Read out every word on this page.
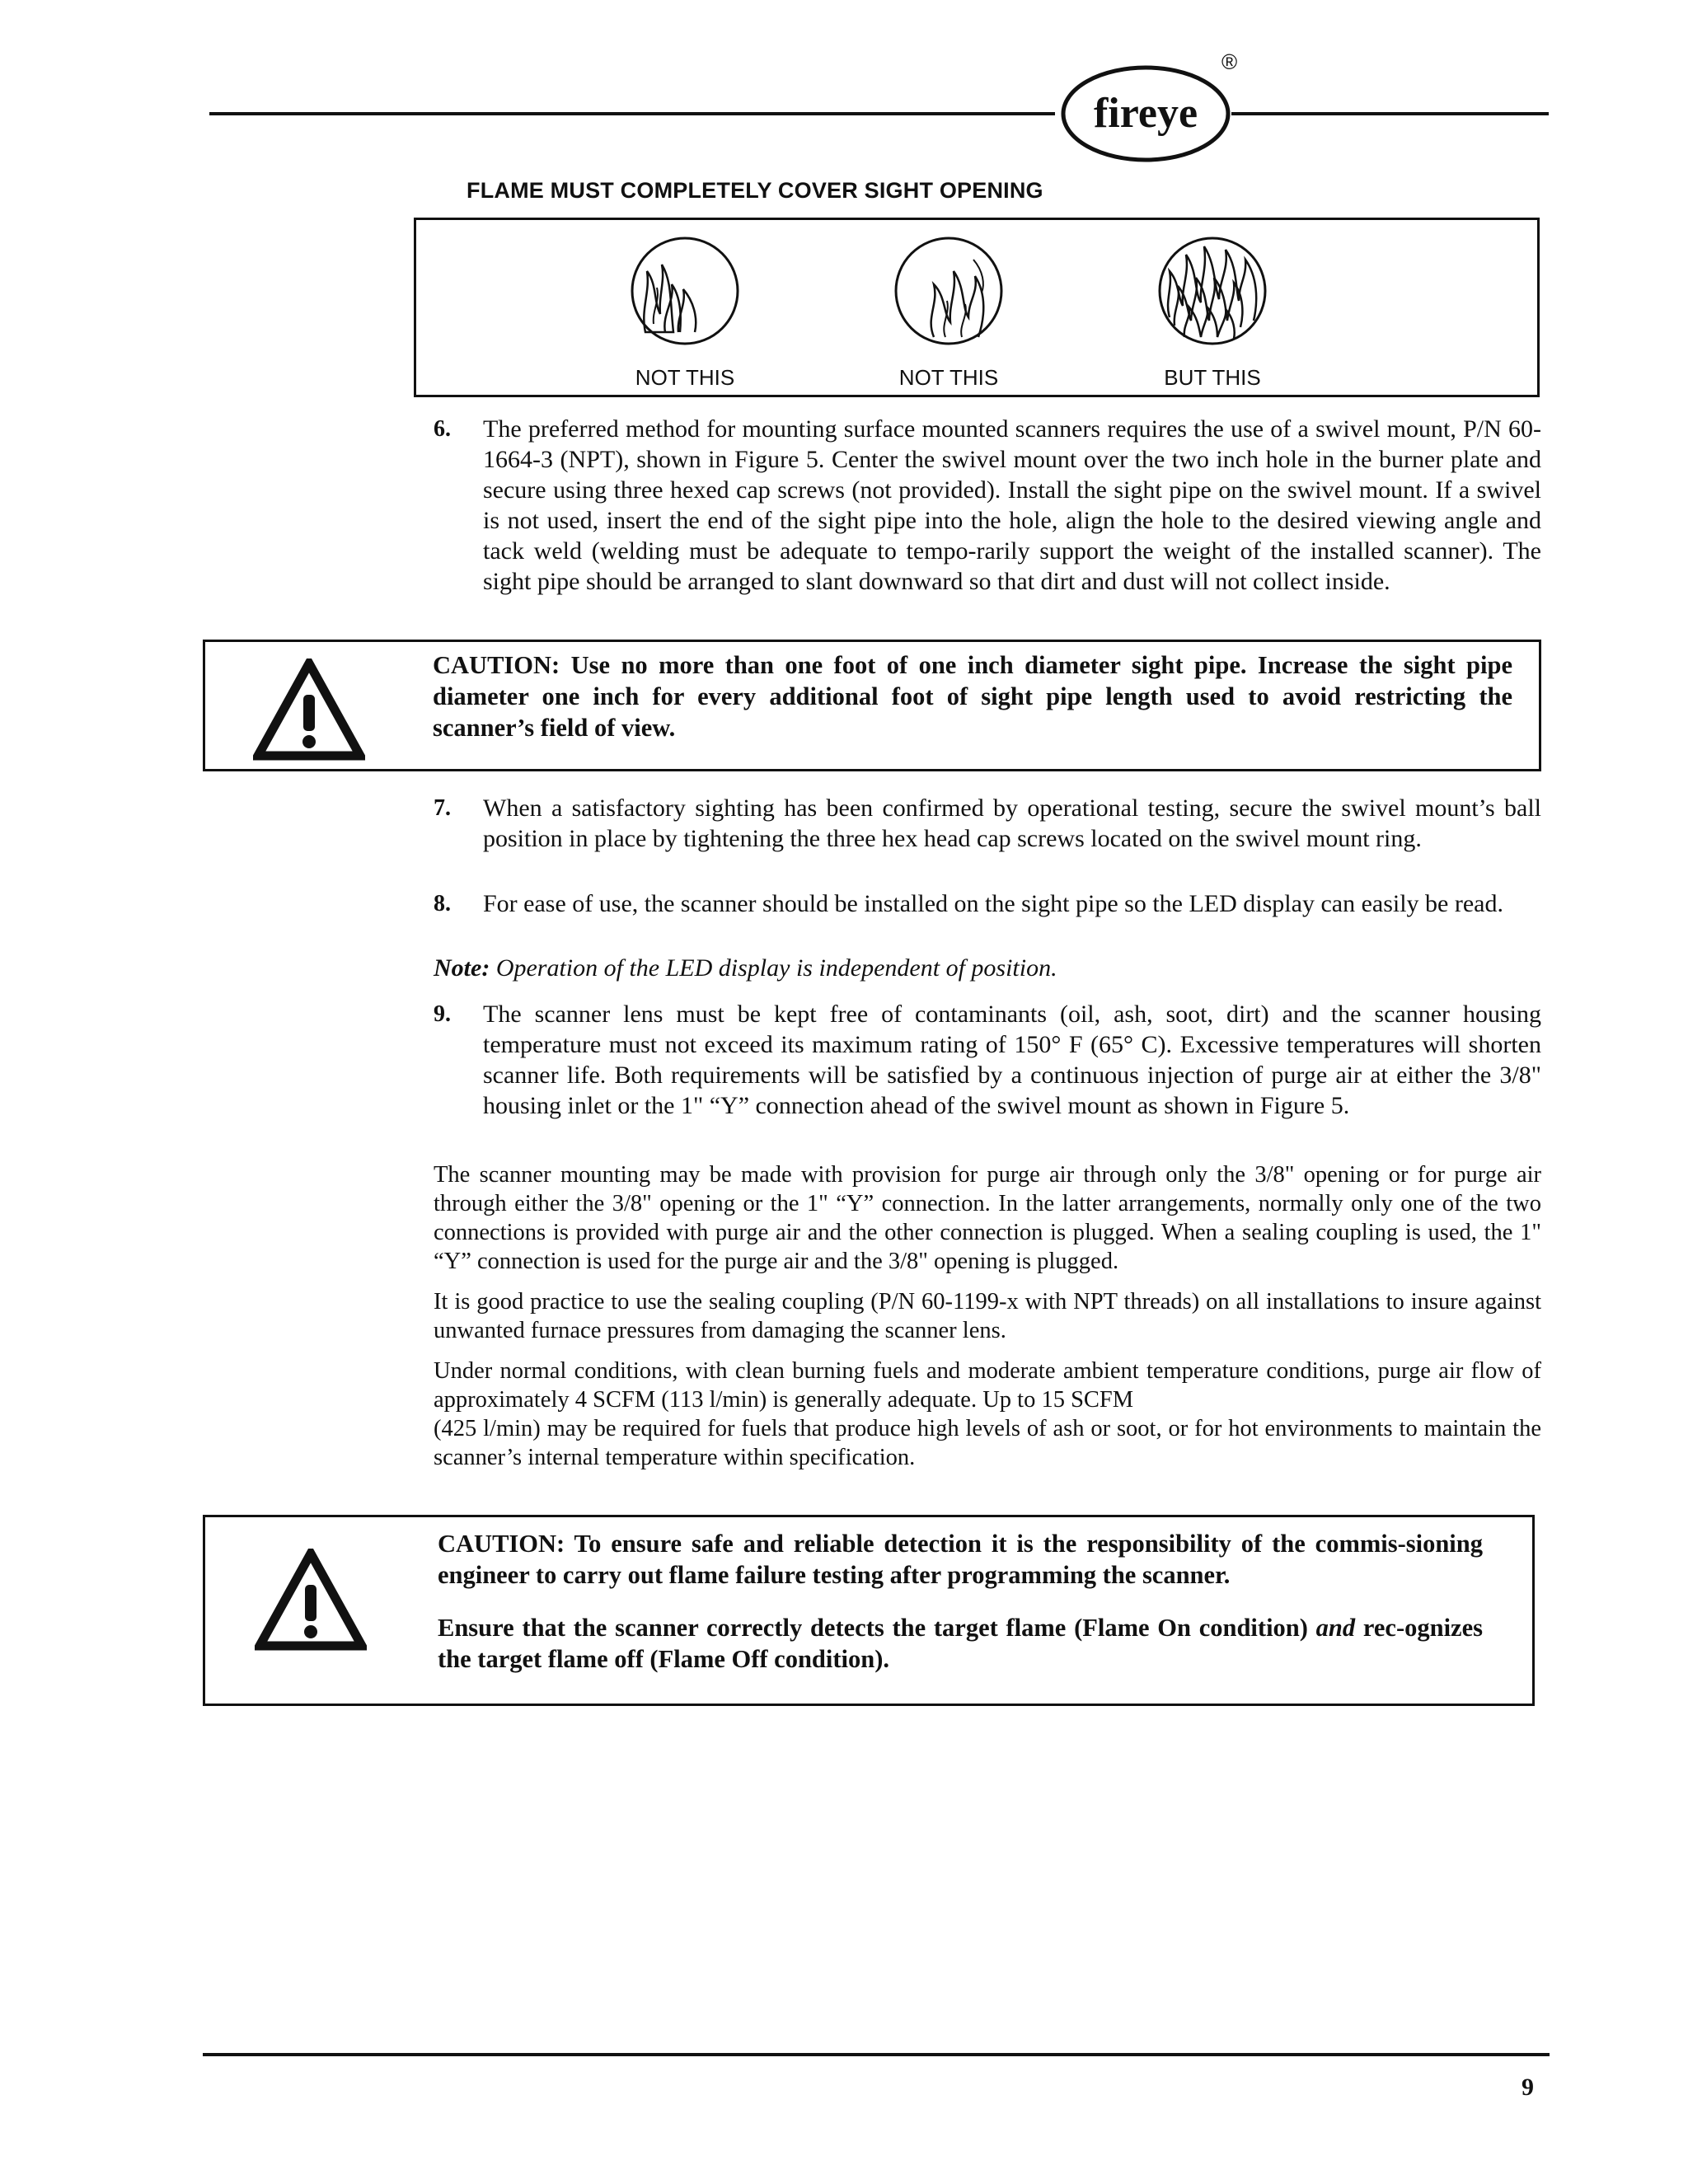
fireye
®
FLAME MUST COMPLETELY COVER SIGHT OPENING
NOT THIS	NOT THIS	BUT THIS
6. The preferred method for mounting surface mounted scanners requires the use of a swivel mount, P/N 60-1664-3 (NPT), shown in Figure 5. Center the swivel mount over the two inch hole in the burner plate and secure using three hexed cap screws (not provided). Install the sight pipe on the swivel mount. If a swivel is not used, insert the end of the sight pipe into the hole, align the hole to the desired viewing angle and tack weld (welding must be adequate to tempo-rarily support the weight of the installed scanner). The sight pipe should be arranged to slant downward so that dirt and dust will not collect inside.
CAUTION: Use no more than one foot of one inch diameter sight pipe. Increase the sight pipe diameter one inch for every additional foot of sight pipe length used to avoid restricting the scanner’s field of view.
7. When a satisfactory sighting has been confirmed by operational testing, secure the swivel mount’s ball position in place by tightening the three hex head cap screws located on the swivel mount ring.
8. For ease of use, the scanner should be installed on the sight pipe so the LED display can easily be read.
Note: Operation of the LED display is independent of position.
9. The scanner lens must be kept free of contaminants (oil, ash, soot, dirt) and the scanner housing temperature must not exceed its maximum rating of 150° F (65° C). Excessive temperatures will shorten scanner life. Both requirements will be satisfied by a continuous injection of purge air at either the 3/8" housing inlet or the 1" “Y” connection ahead of the swivel mount as shown in Figure 5.
The scanner mounting may be made with provision for purge air through only the 3/8" opening or for purge air through either the 3/8" opening or the 1" “Y” connection. In the latter arrangements, normally only one of the two connections is provided with purge air and the other connection is plugged. When a sealing coupling is used, the 1" “Y” connection is used for the purge air and the 3/8" opening is plugged.
It is good practice to use the sealing coupling (P/N 60-1199-x with NPT threads) on all installations to insure against unwanted furnace pressures from damaging the scanner lens.
Under normal conditions, with clean burning fuels and moderate ambient temperature conditions, purge air flow of approximately 4 SCFM (113 l/min) is generally adequate. Up to 15 SCFM
(425 l/min) may be required for fuels that produce high levels of ash or soot, or for hot environments to maintain the scanner’s internal temperature within specification.

CAUTION: To ensure safe and reliable detection it is the responsibility of the commis-sioning engineer to carry out flame failure testing after programming the scanner.

Ensure that the scanner correctly detects the target flame (Flame On condition) and rec-ognizes the target flame off (Flame Off condition).

9
